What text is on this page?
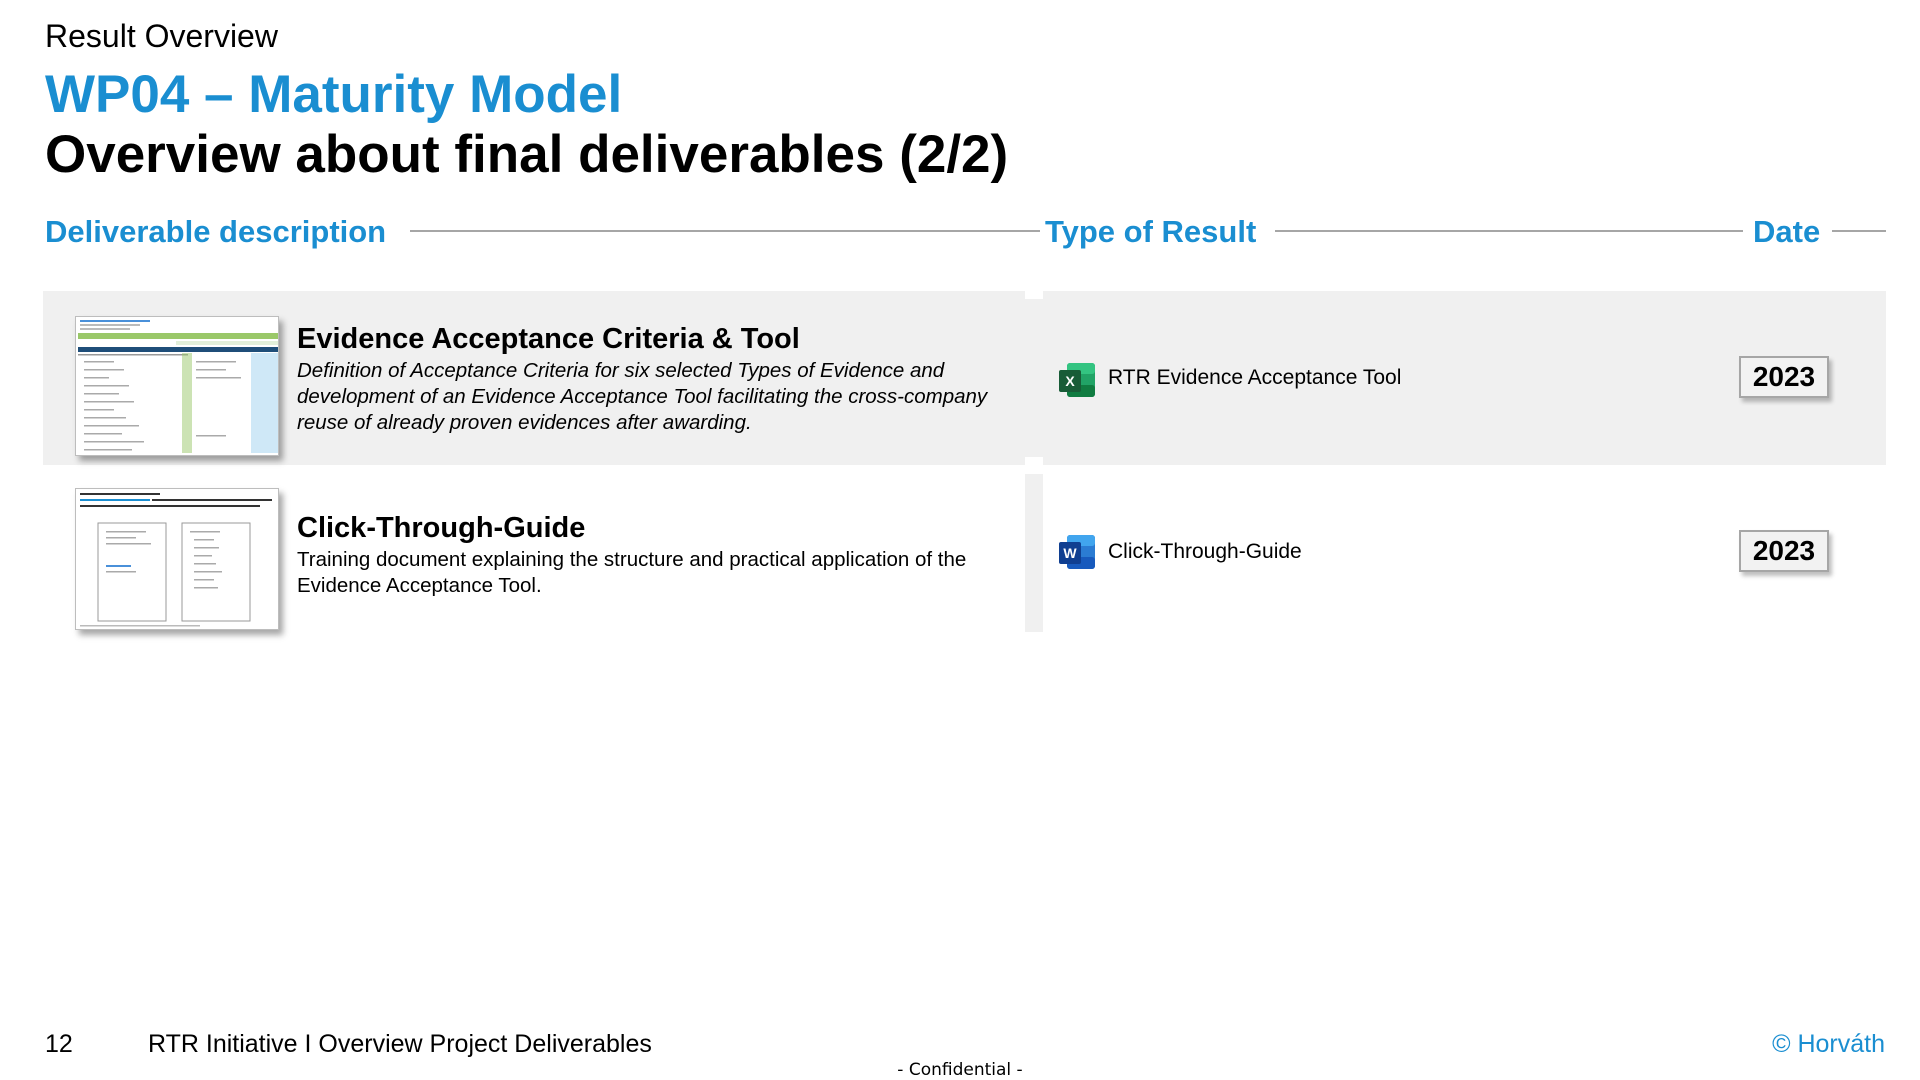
Result Overview
WP04 – Maturity Model
Overview about final deliverables (2/2)
Deliverable description	Type of Result	Date
Evidence Acceptance Criteria & Tool
Definition of Acceptance Criteria for six selected Types of Evidence and development of an Evidence Acceptance Tool facilitating the cross-company reuse of already proven evidences after awarding.
X RTR Evidence Acceptance Tool	2023
Click-Through-Guide
Training document explaining the structure and practical application of the Evidence Acceptance Tool.
W Click-Through-Guide	2023
12	RTR Initiative I Overview Project Deliverables	© Horváth
- Confidential -
